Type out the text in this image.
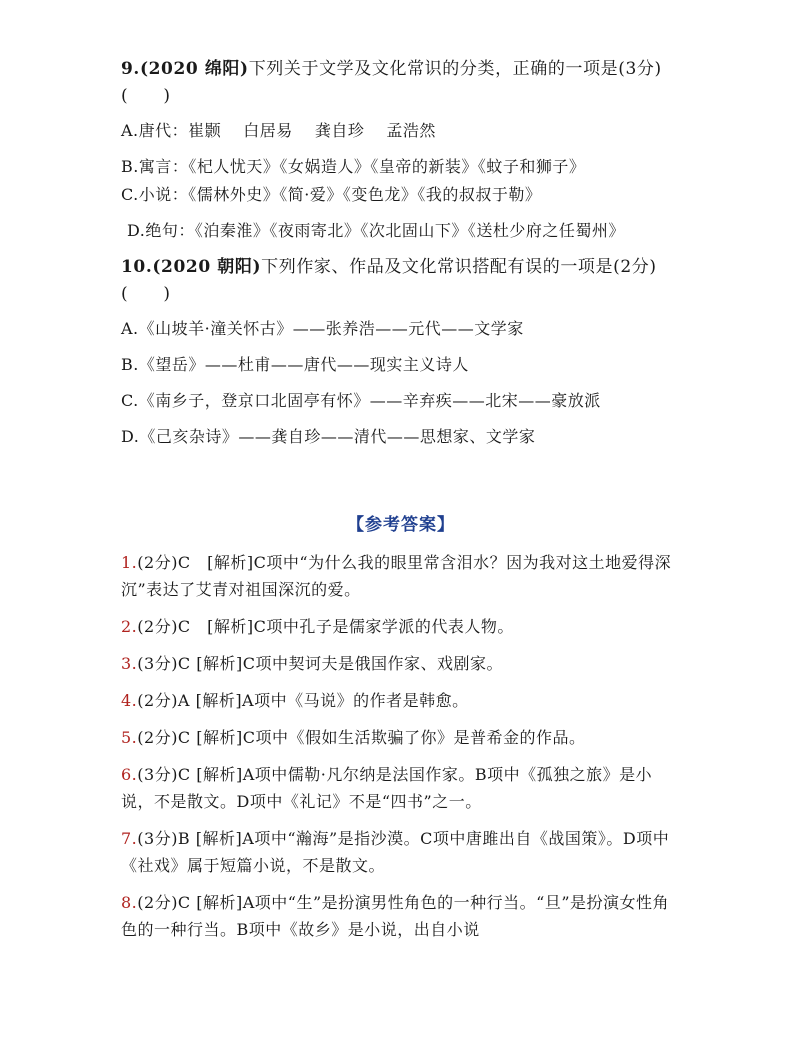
9.(2020 绵阳)下列关于文学及文化常识的分类，正确的一项是(3分)(　　)

A.唐代：崔颢　 白居易　 龚自珍　 孟浩然

B.寓言：《杞人忧天》《女娲造人》《皇帝的新装》《蚊子和狮子》

C.小说：《儒林外史》《简·爱》《变色龙》《我的叔叔于勒》

D.绝句：《泊秦淮》《夜雨寄北》《次北固山下》《送杜少府之任蜀州》

10.(2020 朝阳)下列作家、作品及文化常识搭配有误的一项是(2分)(　　)

A.《山坡羊·潼关怀古》——张养浩——元代——文学家

B.《望岳》——杜甫——唐代——现实主义诗人

C.《南乡子，登京口北固亭有怀》——辛弃疾——北宋——豪放派

D.《己亥杂诗》——龚自珍——清代——思想家、文学家

【参考答案】

1.(2分)C　[解析]C项中“为什么我的眼里常含泪水？因为我对这土地爱得深沉”表达了艾青对祖国深沉的爱。

2.(2分)C　[解析]C项中孔子是儒家学派的代表人物。

3.(3分)C [解析]C项中契诃夫是俄国作家、戏剧家。

4.(2分)A [解析]A项中《马说》的作者是韩愈。

5.(2分)C [解析]C项中《假如生活欺骗了你》是普希金的作品。

6.(3分)C [解析]A项中儒勒·凡尔纳是法国作家。B项中《孤独之旅》是小说，不是散文。D项中《礼记》不是“四书”之一。

7.(3分)B [解析]A项中“瀚海”是指沙漠。C项中唐雎出自《战国策》。D项中《社戏》属于短篇小说，不是散文。

8.(2分)C [解析]A项中“生”是扮演男性角色的一种行当。“旦”是扮演女性角色的一种行当。B项中《故乡》是小说，出自小说
